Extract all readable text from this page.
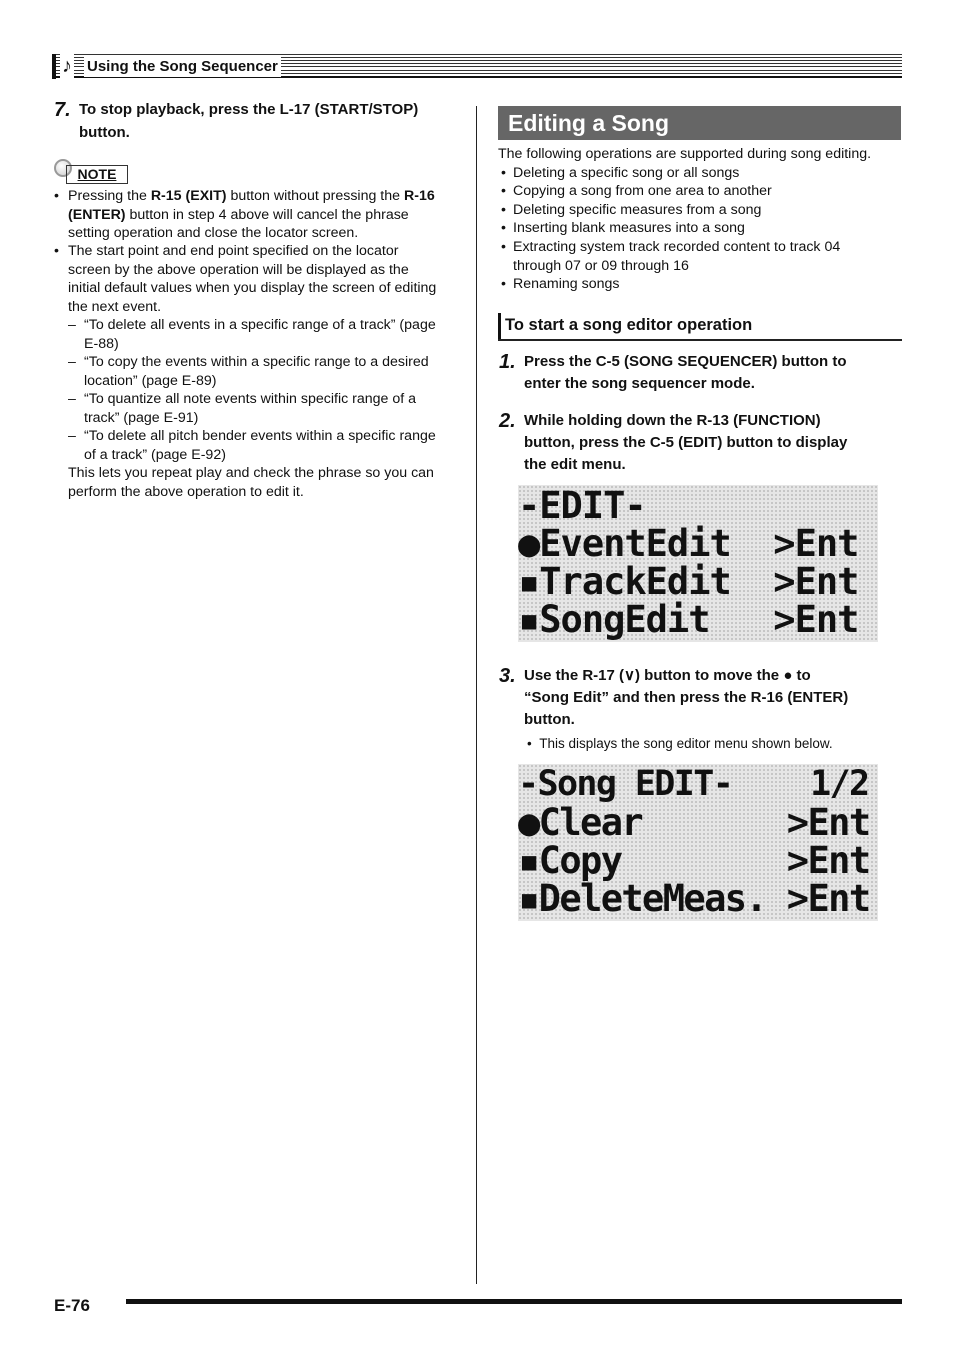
♪ Using the Song Sequencer
7. To stop playback, press the L-17 (START/STOP)
button.
NOTE
• Pressing the R-15 (EXIT) button without pressing the R-16
(ENTER) button in step 4 above will cancel the phrase
setting operation and close the locator screen.
• The start point and end point specified on the locator
screen by the above operation will be displayed as the
initial default values when you display the screen of editing
the next event.
– “To delete all events in a specific range of a track” (page
E-88)
– “To copy the events within a specific range to a desired
location” (page E-89)
– “To quantize all note events within specific range of a
track” (page E-91)
– “To delete all pitch bender events within a specific range
of a track” (page E-92)
This lets you repeat play and check the phrase so you can
perform the above operation to edit it.
Editing a Song
The following operations are supported during song editing.
• Deleting a specific song or all songs
• Copying a song from one area to another
• Deleting specific measures from a song
• Inserting blank measures into a song
• Extracting system track recorded content to track 04
through 07 or 09 through 16
• Renaming songs
To start a song editor operation
1. Press the C-5 (SONG SEQUENCER) button to
enter the song sequencer mode.
2. While holding down the R-13 (FUNCTION)
button, press the C-5 (EDIT) button to display
the edit menu.
-EDIT-
●EventEdit  >Ent
▪TrackEdit  >Ent
▪SongEdit   >Ent
3. Use the R-17 (∨) button to move the ● to
“Song Edit” and then press the R-16 (ENTER)
button.
• This displays the song editor menu shown below.
-Song EDIT-    1/2
●Clear       >Ent
▪Copy        >Ent
▪DeleteMeas. >Ent
E-76
